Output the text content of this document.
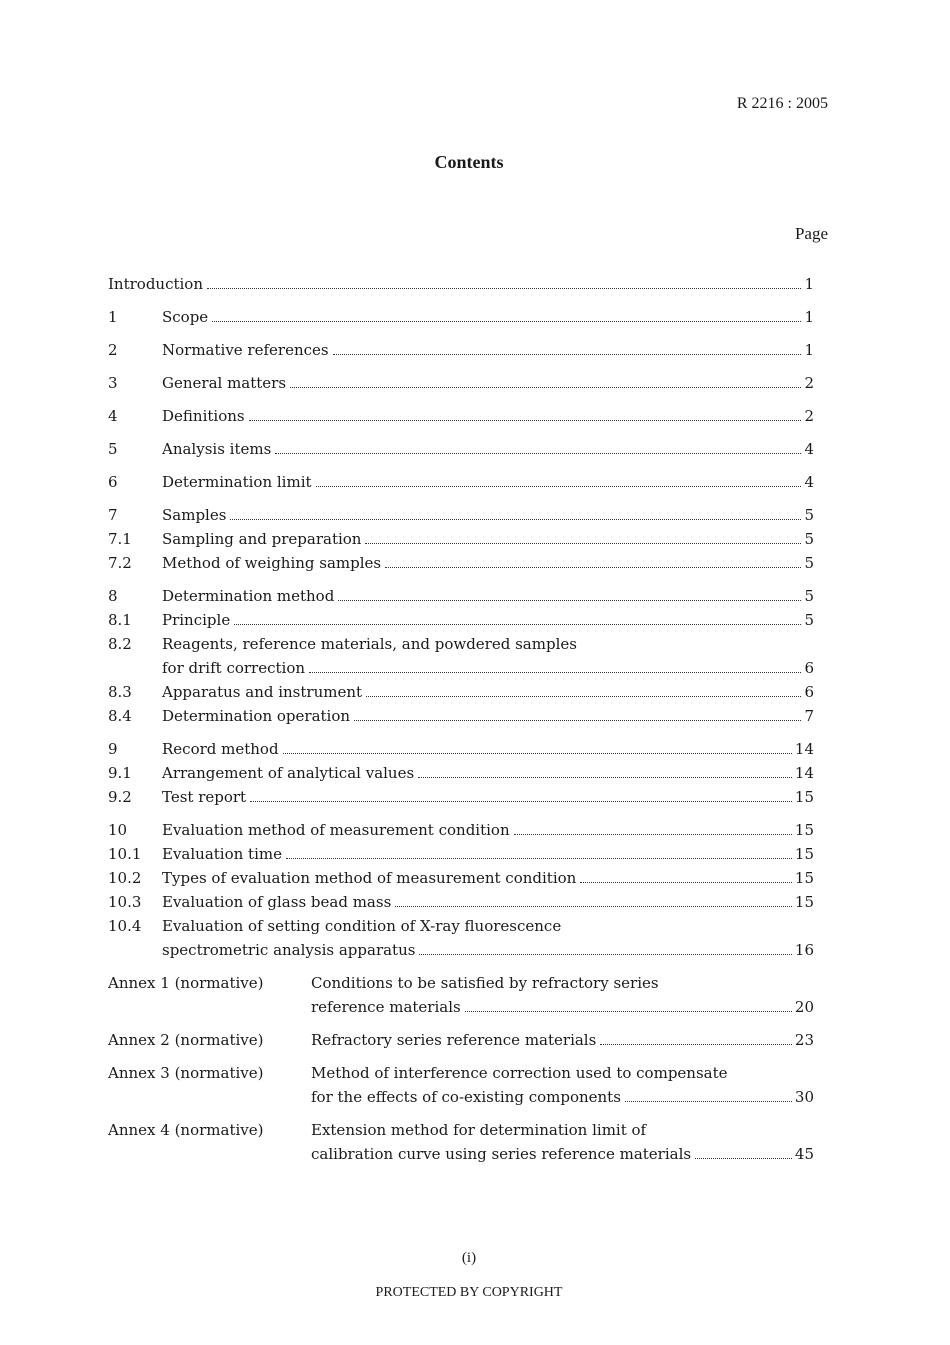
R 2216 : 2005
Contents
Page
Introduction	1
1	Scope	1
2	Normative references	1
3	General matters	2
4	Definitions	2
5	Analysis items	4
6	Determination limit	4
7	Samples	5
7.1	Sampling and preparation	5
7.2	Method of weighing samples	5
8	Determination method	5
8.1	Principle	5
8.2	Reagents, reference materials, and powdered samples
for drift correction	6
8.3	Apparatus and instrument	6
8.4	Determination operation	7
9	Record method	14
9.1	Arrangement of analytical values	14
9.2	Test report	15
10	Evaluation method of measurement condition	15
10.1	Evaluation time	15
10.2	Types of evaluation method of measurement condition	15
10.3	Evaluation of glass bead mass	15
10.4	Evaluation of setting condition of X-ray fluorescence
spectrometric analysis apparatus	16
Annex 1 (normative)	Conditions to be satisfied by refractory series
reference materials	20
Annex 2 (normative)	Refractory series reference materials	23
Annex 3 (normative)	Method of interference correction used to compensate
for the effects of co-existing components	30
Annex 4 (normative)	Extension method for determination limit of
calibration curve using series reference materials	45
(i)
PROTECTED BY COPYRIGHT
